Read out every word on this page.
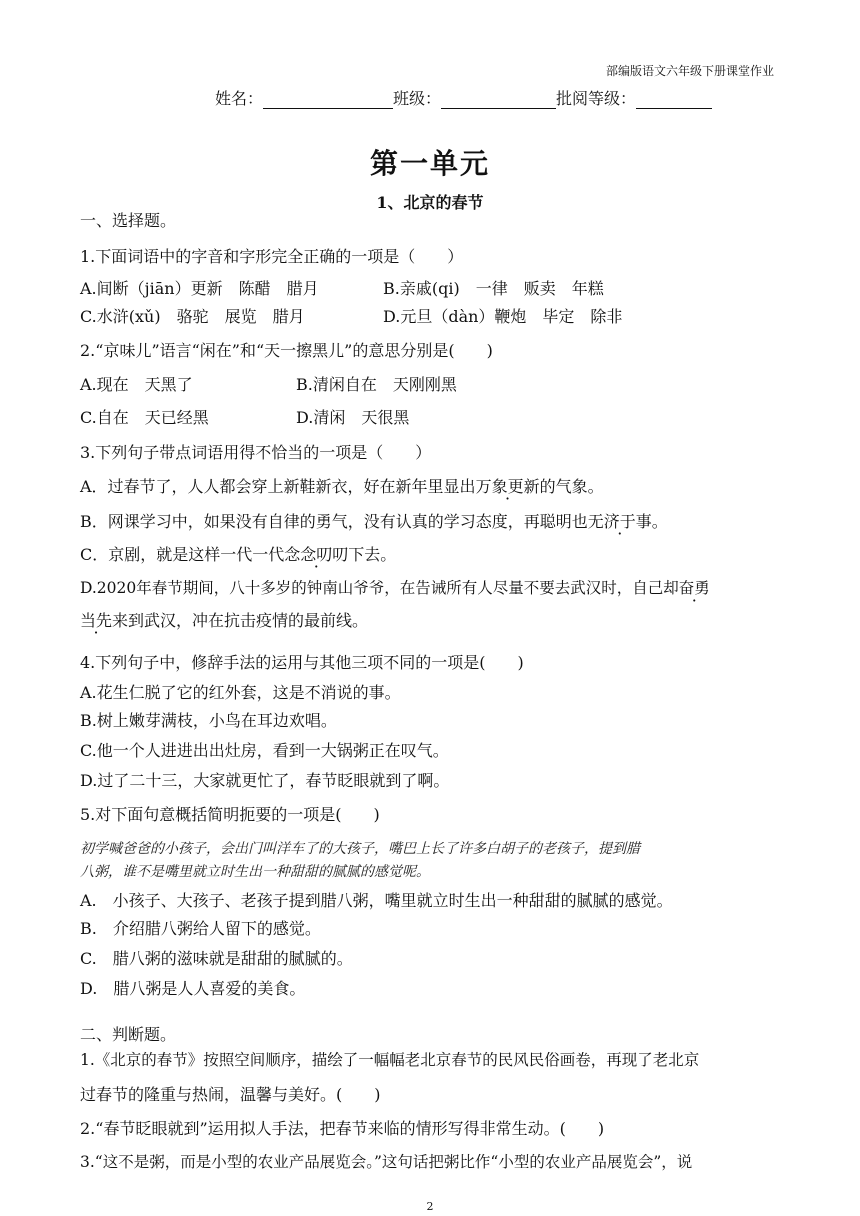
部编版语文六年级下册课堂作业
姓名：	班级：	批阅等级：
第一单元
1、北京的春节
一、选择题。
1.下面词语中的字音和字形完全正确的一项是（　　）
A.间断（jiān）更新　陈醋　腊月	B.亲戚(qi)　一律　贩卖　年糕
C.水浒(xǔ)　骆驼　展览　腊月	D.元旦（dàn）鞭炮　毕定　除非
2.“京味儿”语言“闲在”和“天一擦黑儿”的意思分别是(　　)
A.现在　天黑了	B.清闲自在　天刚刚黑
C.自在　天已经黑	D.清闲　天很黑
3.下列句子带点词语用得不恰当的一项是（　　）
A．过春节了，人人都会穿上新鞋新衣，好在新年里显出万象更新的气象。
B．网课学习中，如果没有自律的勇气，没有认真的学习态度，再聪明也无济于事。
C．京剧，就是这样一代一代念念叨叨下去。
D.2020年春节期间，八十多岁的钟南山爷爷，在告诫所有人尽量不要去武汉时，自己却奋勇
当先来到武汉，冲在抗击疫情的最前线。
4.下列句子中，修辞手法的运用与其他三项不同的一项是(　　)
A.花生仁脱了它的红外套，这是不消说的事。
B.树上嫩芽满枝，小鸟在耳边欢唱。
C.他一个人进进出出灶房，看到一大锅粥正在叹气。
D.过了二十三，大家就更忙了，春节眨眼就到了啊。
5.对下面句意概括简明扼要的一项是(　　)
初学喊爸爸的小孩子，会出门叫洋车了的大孩子，嘴巴上长了许多白胡子的老孩子，提到腊
八粥，谁不是嘴里就立时生出一种甜甜的腻腻的感觉呢。
A.　小孩子、大孩子、老孩子提到腊八粥，嘴里就立时生出一种甜甜的腻腻的感觉。
B.　介绍腊八粥给人留下的感觉。
C.　腊八粥的滋味就是甜甜的腻腻的。
D.　腊八粥是人人喜爱的美食。
二、判断题。
1.《北京的春节》按照空间顺序，描绘了一幅幅老北京春节的民风民俗画卷，再现了老北京
过春节的隆重与热闹，温馨与美好。(　　)
2.“春节眨眼就到”运用拟人手法，把春节来临的情形写得非常生动。(　　)
3.“这不是粥，而是小型的农业产品展览会。”这句话把粥比作“小型的农业产品展览会”，说
2
